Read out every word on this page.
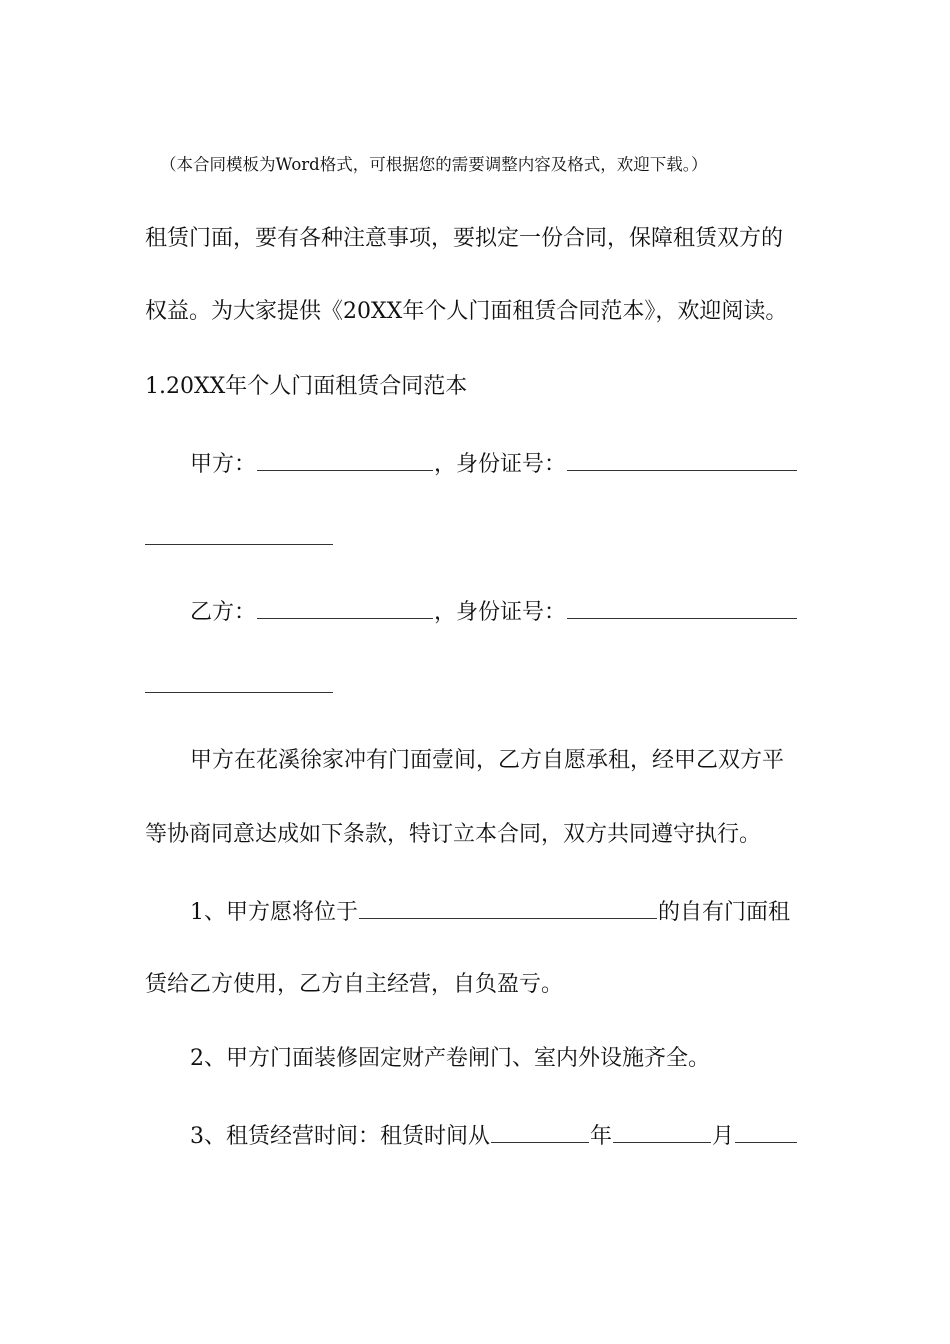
（本合同模板为Word格式，可根据您的需要调整内容及格式，欢迎下载。）
租赁门面，要有各种注意事项，要拟定一份合同，保障租赁双方的
权益。为大家提供《20XX年个人门面租赁合同范本》，欢迎阅读。
1.20XX年个人门面租赁合同范本
甲方：	，身份证号：
乙方：	，身份证号：
甲方在花溪徐家冲有门面壹间，乙方自愿承租，经甲乙双方平
等协商同意达成如下条款，特订立本合同，双方共同遵守执行。
1、甲方愿将位于	的自有门面租
赁给乙方使用，乙方自主经营，自负盈亏。
2、甲方门面装修固定财产卷闸门、室内外设施齐全。
3、租赁经营时间：租赁时间从	年	月
